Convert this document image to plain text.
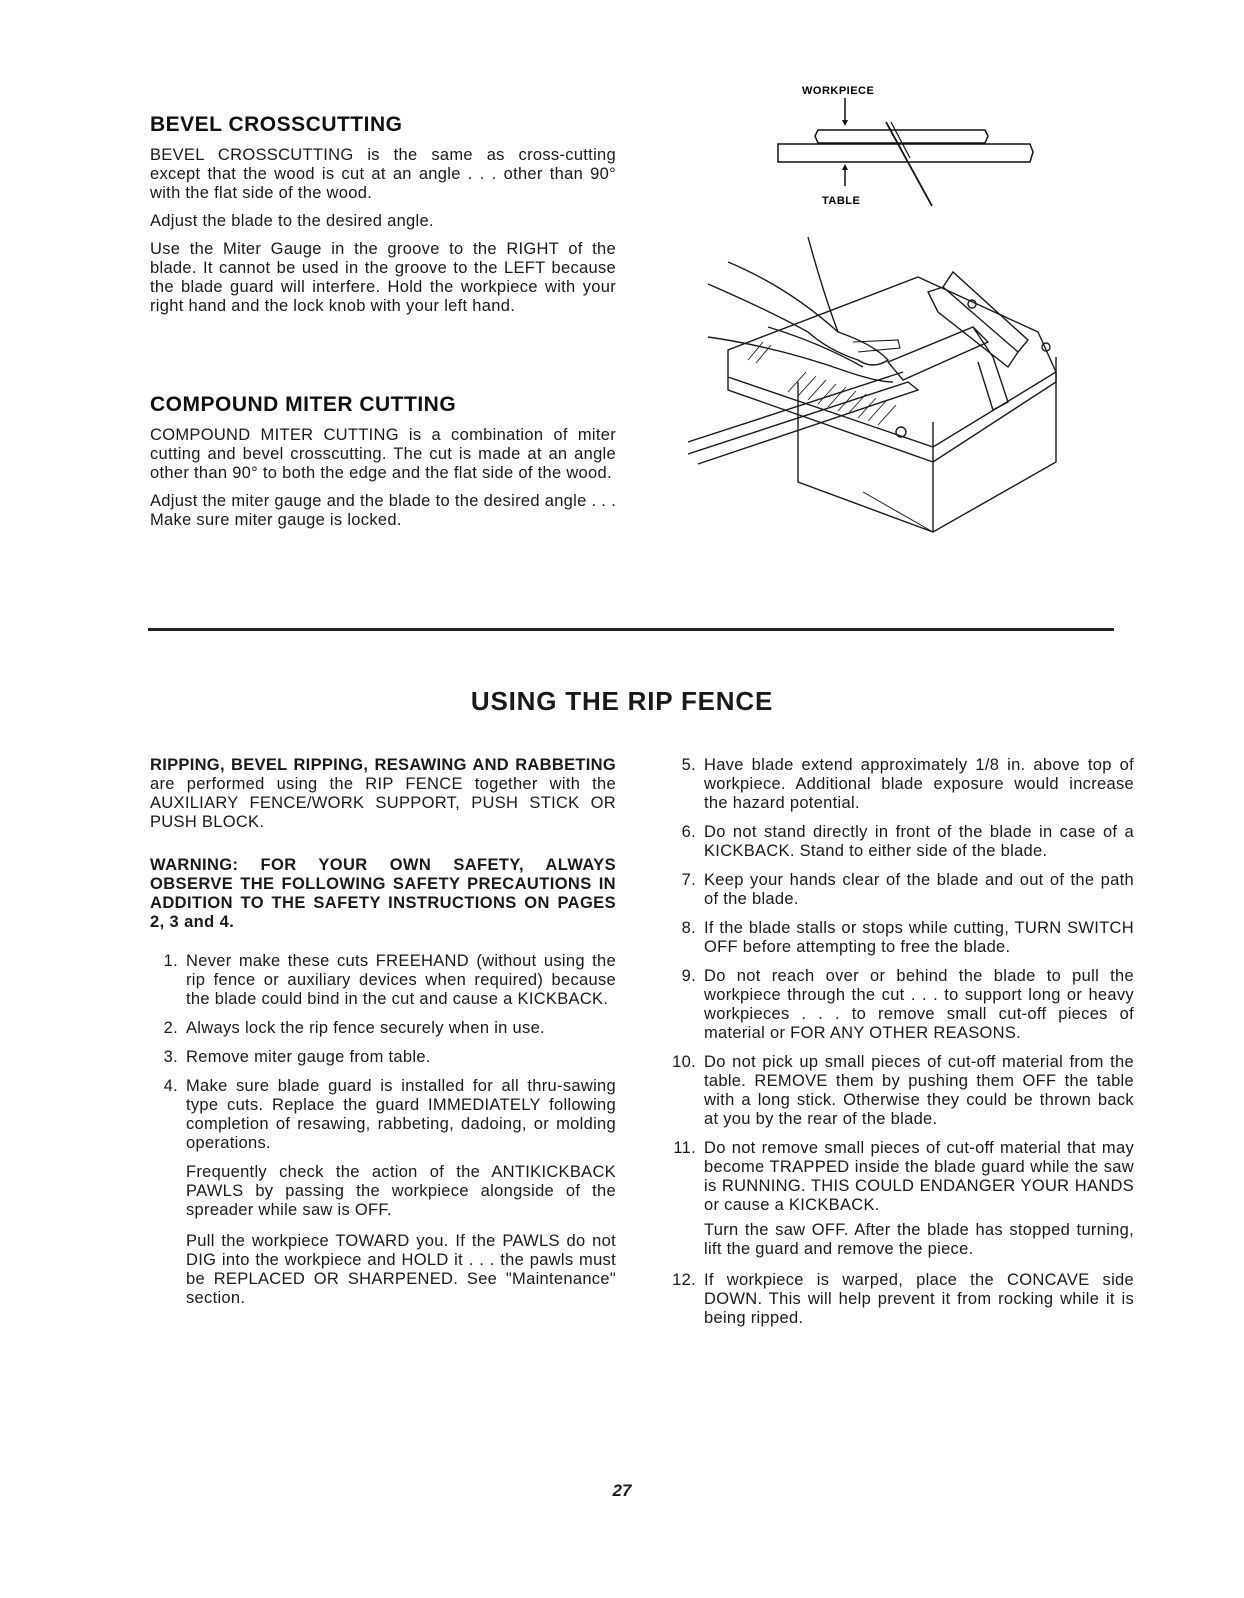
BEVEL CROSSCUTTING

BEVEL CROSSCUTTING is the same as cross-cutting except that the wood is cut at an angle . . . other than 90° with the flat side of the wood.

Adjust the blade to the desired angle.

Use the Miter Gauge in the groove to the RIGHT of the blade. It cannot be used in the groove to the LEFT because the blade guard will interfere. Hold the workpiece with your right hand and the lock knob with your left hand.

COMPOUND MITER CUTTING

COMPOUND MITER CUTTING is a combination of miter cutting and bevel crosscutting. The cut is made at an angle other than 90° to both the edge and the flat side of the wood.

Adjust the miter gauge and the blade to the desired angle . . . Make sure miter gauge is locked.

WORKPIECE
TABLE
USING THE RIP FENCE

RIPPING, BEVEL RIPPING, RESAWING AND RABBETING are performed using the RIP FENCE together with the AUXILIARY FENCE/WORK SUPPORT, PUSH STICK OR PUSH BLOCK.

WARNING: FOR YOUR OWN SAFETY, ALWAYS OBSERVE THE FOLLOWING SAFETY PRECAUTIONS IN ADDITION TO THE SAFETY INSTRUCTIONS ON PAGES 2, 3 and 4.
1. Never make these cuts FREEHAND (without using the rip fence or auxiliary devices when required) because the blade could bind in the cut and cause a KICKBACK.
2. Always lock the rip fence securely when in use.
3. Remove miter gauge from table.
4. Make sure blade guard is installed for all thru-sawing type cuts. Replace the guard IMMEDIATELY following completion of resawing, rabbeting, dadoing, or molding operations.
Frequently check the action of the ANTIKICKBACK PAWLS by passing the workpiece alongside of the spreader while saw is OFF.
Pull the workpiece TOWARD you. If the PAWLS do not DIG into the workpiece and HOLD it . . . the pawls must be REPLACED OR SHARPENED. See "Maintenance" section.
5. Have blade extend approximately 1/8 in. above top of workpiece. Additional blade exposure would increase the hazard potential.
6. Do not stand directly in front of the blade in case of a KICKBACK. Stand to either side of the blade.
7. Keep your hands clear of the blade and out of the path of the blade.
8. If the blade stalls or stops while cutting, TURN SWITCH OFF before attempting to free the blade.
9. Do not reach over or behind the blade to pull the workpiece through the cut . . . to support long or heavy workpieces . . . to remove small cut-off pieces of material or FOR ANY OTHER REASONS.
10. Do not pick up small pieces of cut-off material from the table. REMOVE them by pushing them OFF the table with a long stick. Otherwise they could be thrown back at you by the rear of the blade.
11. Do not remove small pieces of cut-off material that may become TRAPPED inside the blade guard while the saw is RUNNING. THIS COULD ENDANGER YOUR HANDS or cause a KICKBACK.
Turn the saw OFF. After the blade has stopped turning, lift the guard and remove the piece.
12. If workpiece is warped, place the CONCAVE side DOWN. This will help prevent it from rocking while it is being ripped.
27
